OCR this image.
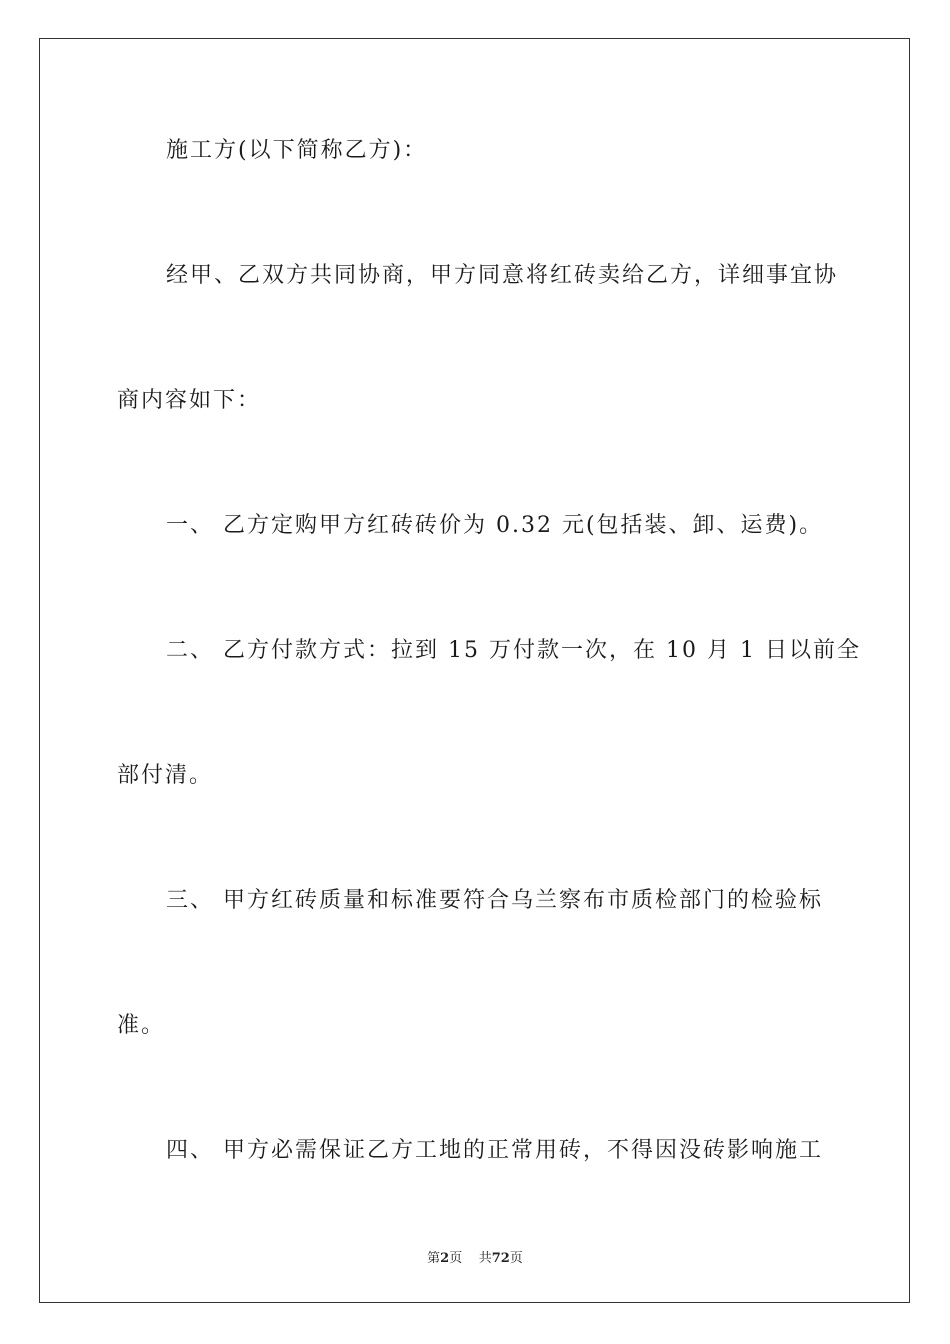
施工方(以下简称乙方)：
经甲、乙双方共同协商，甲方同意将红砖卖给乙方，详细事宜协
商内容如下：
一、 乙方定购甲方红砖砖价为 0.32 元(包括装、卸、运费)。
二、 乙方付款方式：拉到 15 万付款一次，在 10 月 1 日以前全
部付清。
三、 甲方红砖质量和标准要符合乌兰察布市质检部门的检验标
准。
四、 甲方必需保证乙方工地的正常用砖，不得因没砖影响施工
第2页 共72页
